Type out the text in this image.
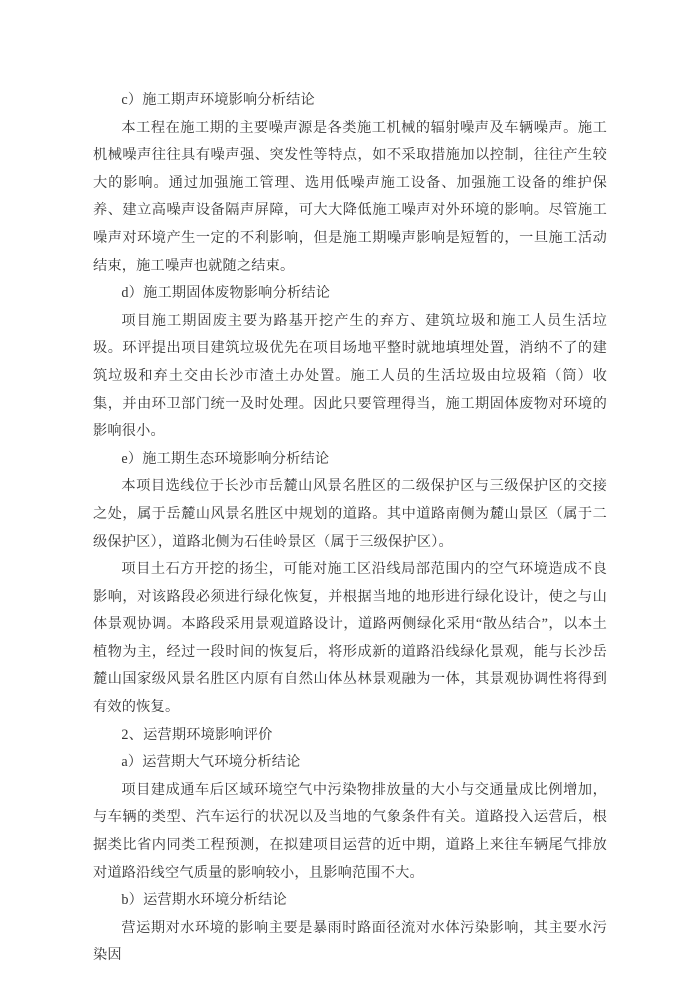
c）施工期声环境影响分析结论

本工程在施工期的主要噪声源是各类施工机械的辐射噪声及车辆噪声。施工机械噪声往往具有噪声强、突发性等特点，如不采取措施加以控制，往往产生较大的影响。通过加强施工管理、选用低噪声施工设备、加强施工设备的维护保养、建立高噪声设备隔声屏障，可大大降低施工噪声对外环境的影响。尽管施工噪声对环境产生一定的不利影响，但是施工期噪声影响是短暂的，一旦施工活动结束，施工噪声也就随之结束。

d）施工期固体废物影响分析结论

项目施工期固废主要为路基开挖产生的弃方、建筑垃圾和施工人员生活垃圾。环评提出项目建筑垃圾优先在项目场地平整时就地填埋处置，消纳不了的建筑垃圾和弃土交由长沙市渣土办处置。施工人员的生活垃圾由垃圾箱（筒）收集，并由环卫部门统一及时处理。因此只要管理得当，施工期固体废物对环境的影响很小。

e）施工期生态环境影响分析结论

本项目选线位于长沙市岳麓山风景名胜区的二级保护区与三级保护区的交接之处，属于岳麓山风景名胜区中规划的道路。其中道路南侧为麓山景区（属于二级保护区），道路北侧为石佳岭景区（属于三级保护区）。

项目土石方开挖的扬尘，可能对施工区沿线局部范围内的空气环境造成不良影响，对该路段必须进行绿化恢复，并根据当地的地形进行绿化设计，使之与山体景观协调。本路段采用景观道路设计，道路两侧绿化采用“散丛结合”，以本土植物为主，经过一段时间的恢复后，将形成新的道路沿线绿化景观，能与长沙岳麓山国家级风景名胜区内原有自然山体丛林景观融为一体，其景观协调性将得到有效的恢复。

2、运营期环境影响评价

a）运营期大气环境分析结论

项目建成通车后区域环境空气中污染物排放量的大小与交通量成比例增加，与车辆的类型、汽车运行的状况以及当地的气象条件有关。道路投入运营后，根据类比省内同类工程预测，在拟建项目运营的近中期，道路上来往车辆尾气排放对道路沿线空气质量的影响较小，且影响范围不大。

b）运营期水环境分析结论

营运期对水环境的影响主要是暴雨时路面径流对水体污染影响，其主要水污染因
